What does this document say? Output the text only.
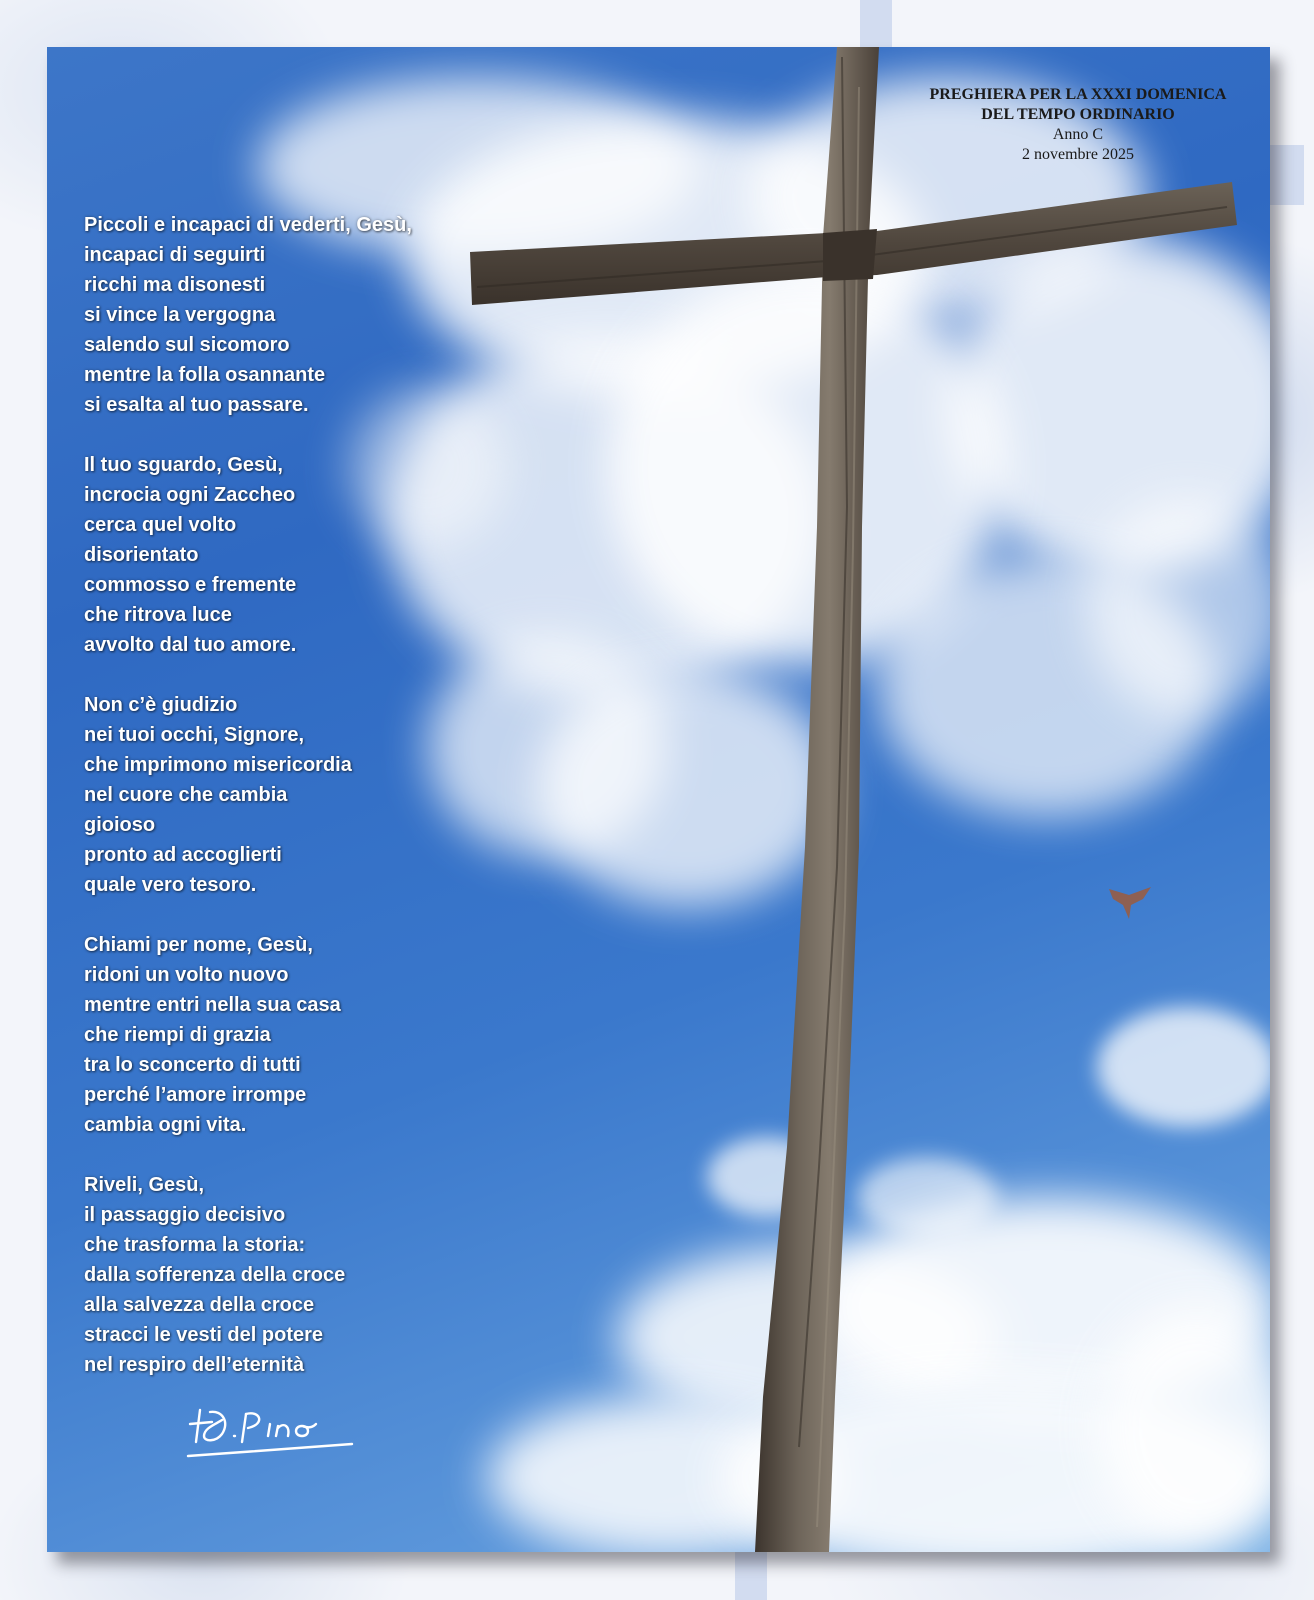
PREGHIERA PER LA XXXI DOMENICA
DEL TEMPO ORDINARIO
Anno C
2 novembre 2025
Piccoli e incapaci di vederti, Gesù,
incapaci di seguirti
ricchi ma disonesti
si vince la vergogna
salendo sul sicomoro
mentre la folla osannante
si esalta al tuo passare.
Il tuo sguardo, Gesù,
incrocia ogni Zaccheo
cerca quel volto
disorientato
commosso e fremente
che ritrova luce
avvolto dal tuo amore.
Non c’è giudizio
nei tuoi occhi, Signore,
che imprimono misericordia
nel cuore che cambia
gioioso
pronto ad accoglierti
quale vero tesoro.
Chiami per nome, Gesù,
ridoni un volto nuovo
mentre entri nella sua casa
che riempi di grazia
tra lo sconcerto di tutti
perché l’amore irrompe
cambia ogni vita.
Riveli, Gesù,
il passaggio decisivo
che trasforma la storia:
dalla sofferenza della croce
alla salvezza della croce
stracci le vesti del potere
nel respiro dell’eternità
